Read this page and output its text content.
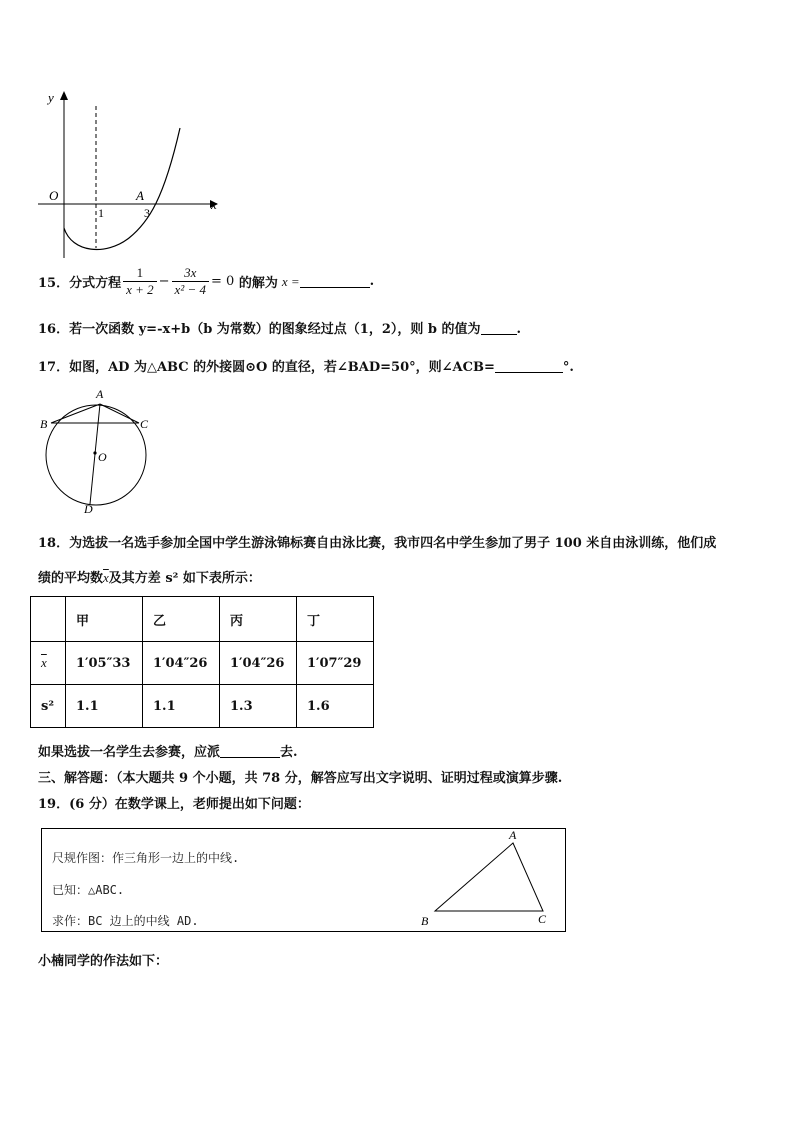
y
x
O
1	3
A
15．分式方程 $\frac{1}{x + 2} - \frac{3x}{\text{x² − 4}} = 0$ 的解为 x =	.
16．若一次函数 y=-x+b（b 为常数）的图象经过点（1，2），则 b 的值为	.
17．如图，AD 为△ABC 的外接圆⊙O 的直径，若∠BAD=50°，则∠ACB=	°.
A
B	C
O
D
18．为选拔一名选手参加全国中学生游泳锦标赛自由泳比赛，我市四名中学生参加了男子 100 米自由泳训练，他们成
绩的平均数$\overline{x}$及其方差 s² 如下表所示：
	甲	乙	丙	丁
$\overline{x}$	1′05″33	1′04″26	1′04″26	1′07″29
s²	1.1	1.1	1.3	1.6
如果选拔一名学生去参赛，应派	去.
三、解答题：（本大题共 9 个小题，共 78 分，解答应写出文字说明、证明过程或演算步骤.
19．(6 分）在数学课上，老师提出如下问题：
尺规作图：作三角形一边上的中线.
已知：△ABC.
求作：BC 边上的中线 AD.
A
B	C
小楠同学的作法如下：
